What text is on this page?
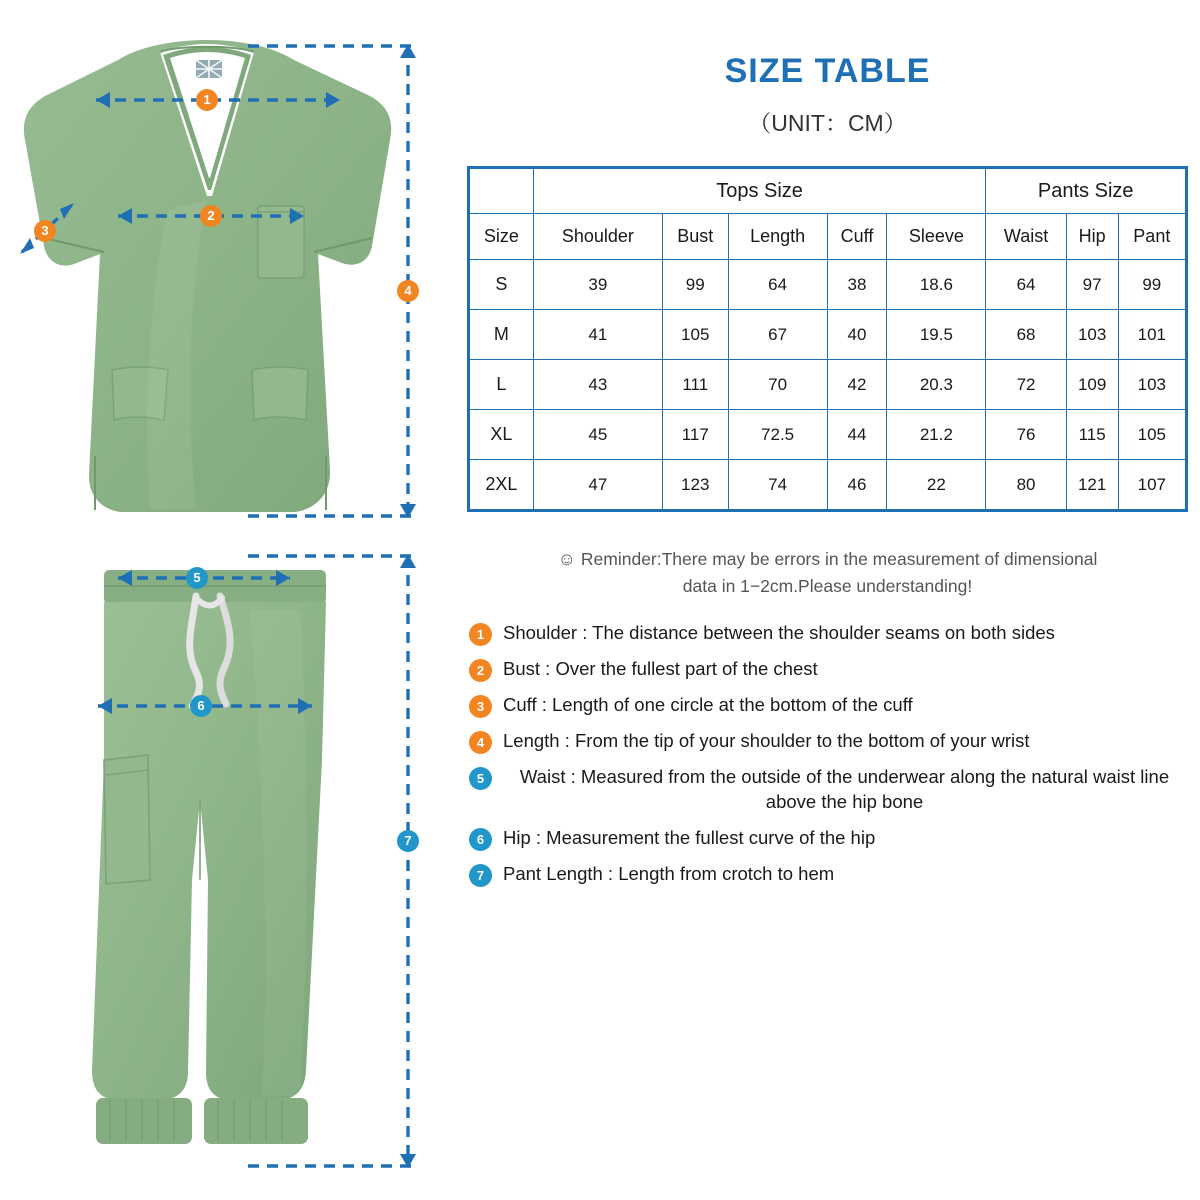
1
2
3
4
5
6
7
SIZE TABLE
（UNIT：CM）
	Tops Size					Pants Size		
Size	Shoulder	Bust	Length	Cuff	Sleeve	Waist	Hip	Pant
S	39	99	64	38	18.6	64	97	99
M	41	105	67	40	19.5	68	103	101
L	43	111	70	42	20.3	72	109	103
XL	45	117	72.5	44	21.2	76	115	105
2XL	47	123	74	46	22	80	121	107
☺ Reminder:There may be errors in the measurement of dimensional
data in 1−2cm.Please understanding!
1	Shoulder : The distance between the shoulder seams on both sides
2	Bust : Over the fullest part of the chest
3	Cuff : Length of one circle at the bottom of the cuff
4	Length : From the tip of your shoulder to the bottom of your wrist
5	Waist : Measured from the outside of the underwear along the natural waist line above the hip bone
6	Hip : Measurement the fullest curve of the hip
7	Pant Length : Length from crotch to hem
